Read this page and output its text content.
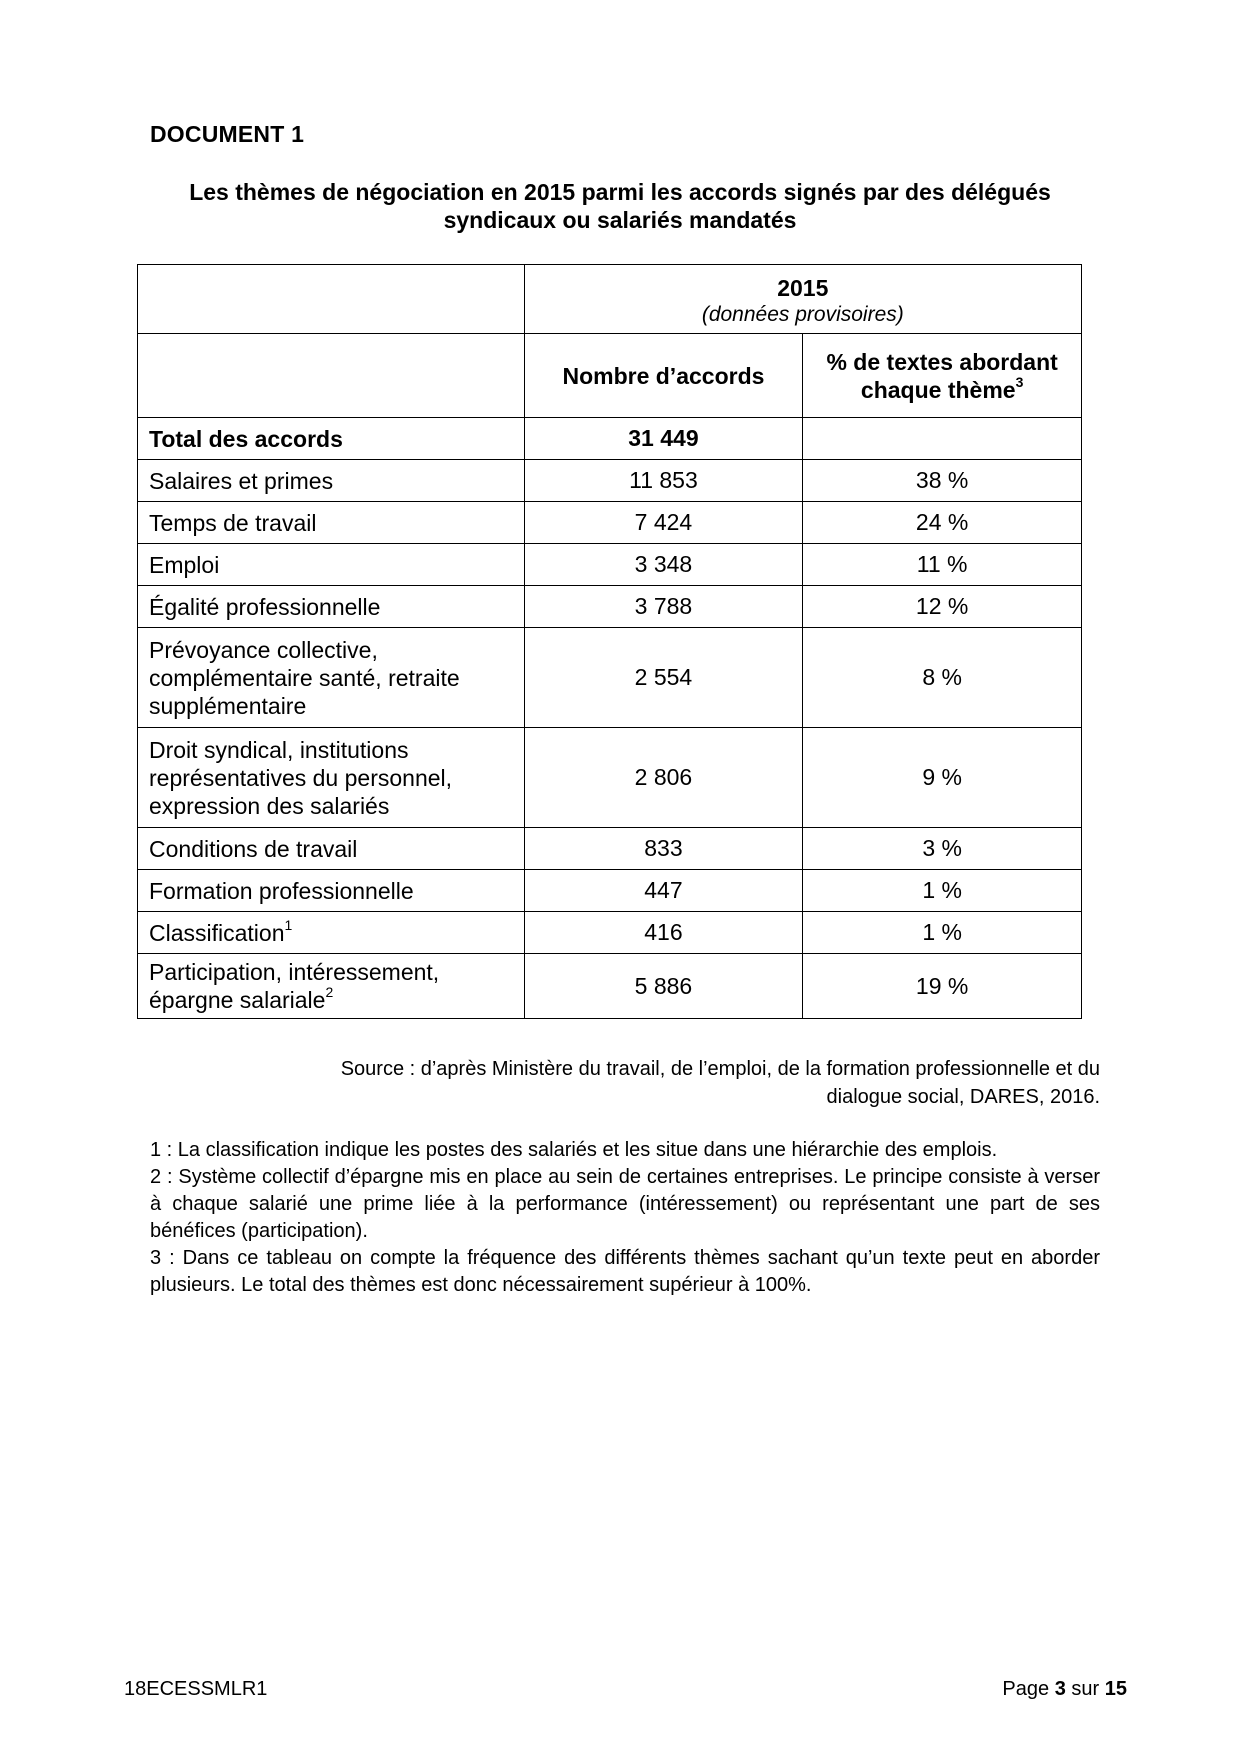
DOCUMENT 1
Les thèmes de négociation en 2015 parmi les accords signés par des délégués
syndicaux ou salariés mandatés

	2015
(données provisoires)	

	Nombre d’accords	% de textes abordant
chaque thème$^3$

Total des accords	31 449	

Salaires et primes	11 853	38 %

Temps de travail	7 424	24 %

Emploi	3 348	11 %

Égalité professionnelle	3 788	12 %

Prévoyance collective,
complémentaire santé, retraite
supplémentaire	2 554	8 %

Droit syndical, institutions
représentatives du personnel,
expression des salariés	2 806	9 %

Conditions de travail	833	3 %

Formation professionnelle	447	1 %

Classification$^1$	416	1 %

Participation, intéressement,
épargne salariale$^2$	5 886	19 %
Source : d’après Ministère du travail, de l’emploi, de la formation professionnelle et du
dialogue social, DARES, 2016.

1 : La classification indique les postes des salariés et les situe dans une hiérarchie des emplois.

2 : Système collectif d’épargne mis en place au sein de certaines entreprises. Le principe consiste à verser à chaque salarié une prime liée à la performance (intéressement) ou représentant une part de ses bénéfices (participation).

3 : Dans ce tableau on compte la fréquence des différents thèmes sachant qu’un texte peut en aborder plusieurs. Le total des thèmes est donc nécessairement supérieur à 100%.

18ECESSMLR1	Page 3 sur 15
